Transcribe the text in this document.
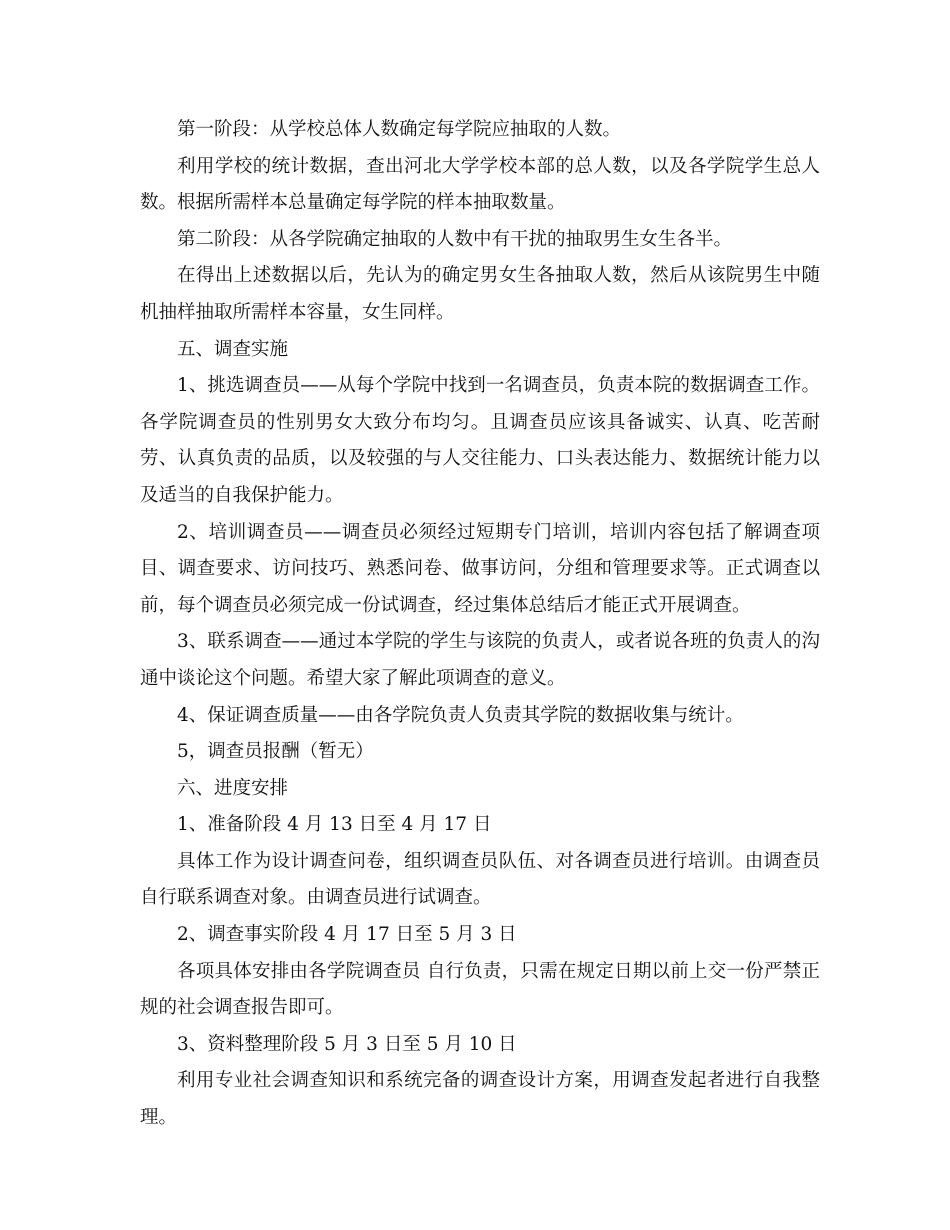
第一阶段：从学校总体人数确定每学院应抽取的人数。

利用学校的统计数据，查出河北大学学校本部的总人数，以及各学院学生总人数。根据所需样本总量确定每学院的样本抽取数量。

第二阶段：从各学院确定抽取的人数中有干扰的抽取男生女生各半。

在得出上述数据以后，先认为的确定男女生各抽取人数，然后从该院男生中随机抽样抽取所需样本容量，女生同样。

五、调查实施

1、挑选调查员——从每个学院中找到一名调查员，负责本院的数据调查工作。各学院调查员的性别男女大致分布均匀。且调查员应该具备诚实、认真、吃苦耐劳、认真负责的品质，以及较强的与人交往能力、口头表达能力、数据统计能力以及适当的自我保护能力。

2、培训调查员——调查员必须经过短期专门培训，培训内容包括了解调查项目、调查要求、访问技巧、熟悉问卷、做事访问，分组和管理要求等。正式调查以前，每个调查员必须完成一份试调查，经过集体总结后才能正式开展调查。

3、联系调查——通过本学院的学生与该院的负责人，或者说各班的负责人的沟通中谈论这个问题。希望大家了解此项调查的意义。

4、保证调查质量——由各学院负责人负责其学院的数据收集与统计。

5，调查员报酬（暂无）

六、进度安排

1、准备阶段 4 月 13 日至 4 月 17 日

具体工作为设计调查问卷，组织调查员队伍、对各调查员进行培训。由调查员自行联系调查对象。由调查员进行试调查。

2、调查事实阶段 4 月 17 日至 5 月 3 日

各项具体安排由各学院调查员 自行负责，只需在规定日期以前上交一份严禁正规的社会调查报告即可。

3、资料整理阶段 5 月 3 日至 5 月 10 日

利用专业社会调查知识和系统完备的调查设计方案，用调查发起者进行自我整理。
